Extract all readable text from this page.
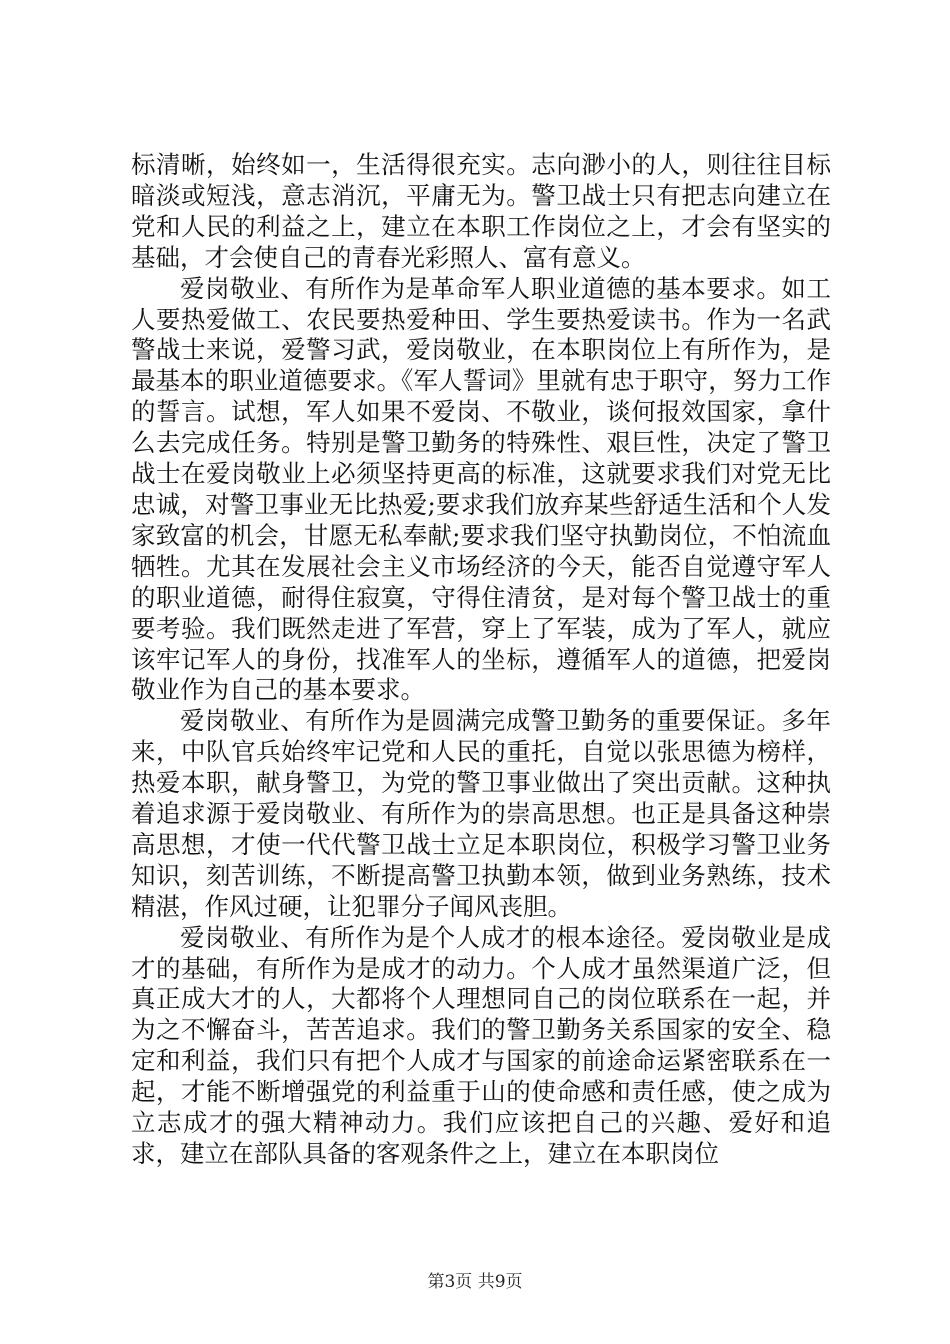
标清晰，始终如一，生活得很充实。志向渺小的人，则往往目标暗淡或短浅，意志消沉，平庸无为。警卫战士只有把志向建立在党和人民的利益之上，建立在本职工作岗位之上，才会有坚实的基础，才会使自己的青春光彩照人、富有意义。

爱岗敬业、有所作为是革命军人职业道德的基本要求。如工人要热爱做工、农民要热爱种田、学生要热爱读书。作为一名武警战士来说，爱警习武，爱岗敬业，在本职岗位上有所作为，是最基本的职业道德要求。《军人誓词》里就有忠于职守，努力工作的誓言。试想，军人如果不爱岗、不敬业，谈何报效国家，拿什么去完成任务。特别是警卫勤务的特殊性、艰巨性，决定了警卫战士在爱岗敬业上必须坚持更高的标准，这就要求我们对党无比忠诚，对警卫事业无比热爱;要求我们放弃某些舒适生活和个人发家致富的机会，甘愿无私奉献;要求我们坚守执勤岗位，不怕流血牺牲。尤其在发展社会主义市场经济的今天，能否自觉遵守军人的职业道德，耐得住寂寞，守得住清贫，是对每个警卫战士的重要考验。我们既然走进了军营，穿上了军装，成为了军人，就应该牢记军人的身份，找准军人的坐标，遵循军人的道德，把爱岗敬业作为自己的基本要求。

爱岗敬业、有所作为是圆满完成警卫勤务的重要保证。多年来，中队官兵始终牢记党和人民的重托，自觉以张思德为榜样，热爱本职，献身警卫，为党的警卫事业做出了突出贡献。这种执着追求源于爱岗敬业、有所作为的崇高思想。也正是具备这种崇高思想，才使一代代警卫战士立足本职岗位，积极学习警卫业务知识，刻苦训练，不断提高警卫执勤本领，做到业务熟练，技术精湛，作风过硬，让犯罪分子闻风丧胆。

爱岗敬业、有所作为是个人成才的根本途径。爱岗敬业是成才的基础，有所作为是成才的动力。个人成才虽然渠道广泛，但真正成大才的人，大都将个人理想同自己的岗位联系在一起，并为之不懈奋斗，苦苦追求。我们的警卫勤务关系国家的安全、稳定和利益，我们只有把个人成才与国家的前途命运紧密联系在一起，才能不断增强党的利益重于山的使命感和责任感，使之成为立志成才的强大精神动力。我们应该把自己的兴趣、爱好和追求，建立在部队具备的客观条件之上，建立在本职岗位

第3页 共9页
